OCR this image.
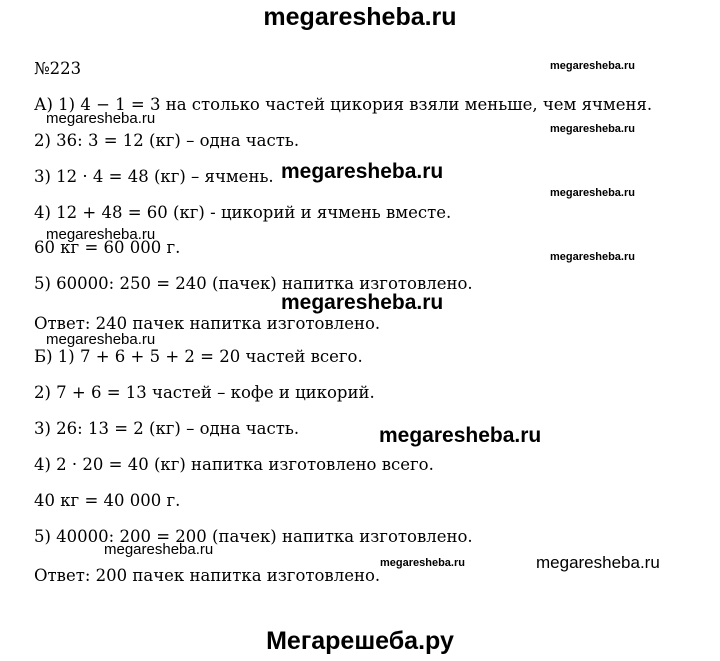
megaresheba.ru
№223
А) 1) 4 − 1 = 3 на столько частей цикория взяли меньше, чем ячменя.
2) 36: 3 = 12 (кг) – одна часть.
3) 12 · 4 = 48 (кг) – ячмень.
4) 12 + 48 = 60 (кг) - цикорий и ячмень вместе.
60 кг = 60 000 г.
5) 60000: 250 = 240 (пачек) напитка изготовлено.
Ответ: 240 пачек напитка изготовлено.
Б) 1) 7 + 6 + 5 + 2 = 20 частей всего.
2) 7 + 6 = 13 частей – кофе и цикорий.
3) 26: 13 = 2 (кг) – одна часть.
4) 2 · 20 = 40 (кг) напитка изготовлено всего.
40 кг = 40 000 г.
5) 40000: 200 = 200 (пачек) напитка изготовлено.
Ответ: 200 пачек напитка изготовлено.
megaresheba.ru
megaresheba.ru
megaresheba.ru
megaresheba.ru
megaresheba.ru
megaresheba.ru
megaresheba.ru
megaresheba.ru
megaresheba.ru
megaresheba.ru
megaresheba.ru
megaresheba.ru	megaresheba.ru
Мегарешеба.ру
